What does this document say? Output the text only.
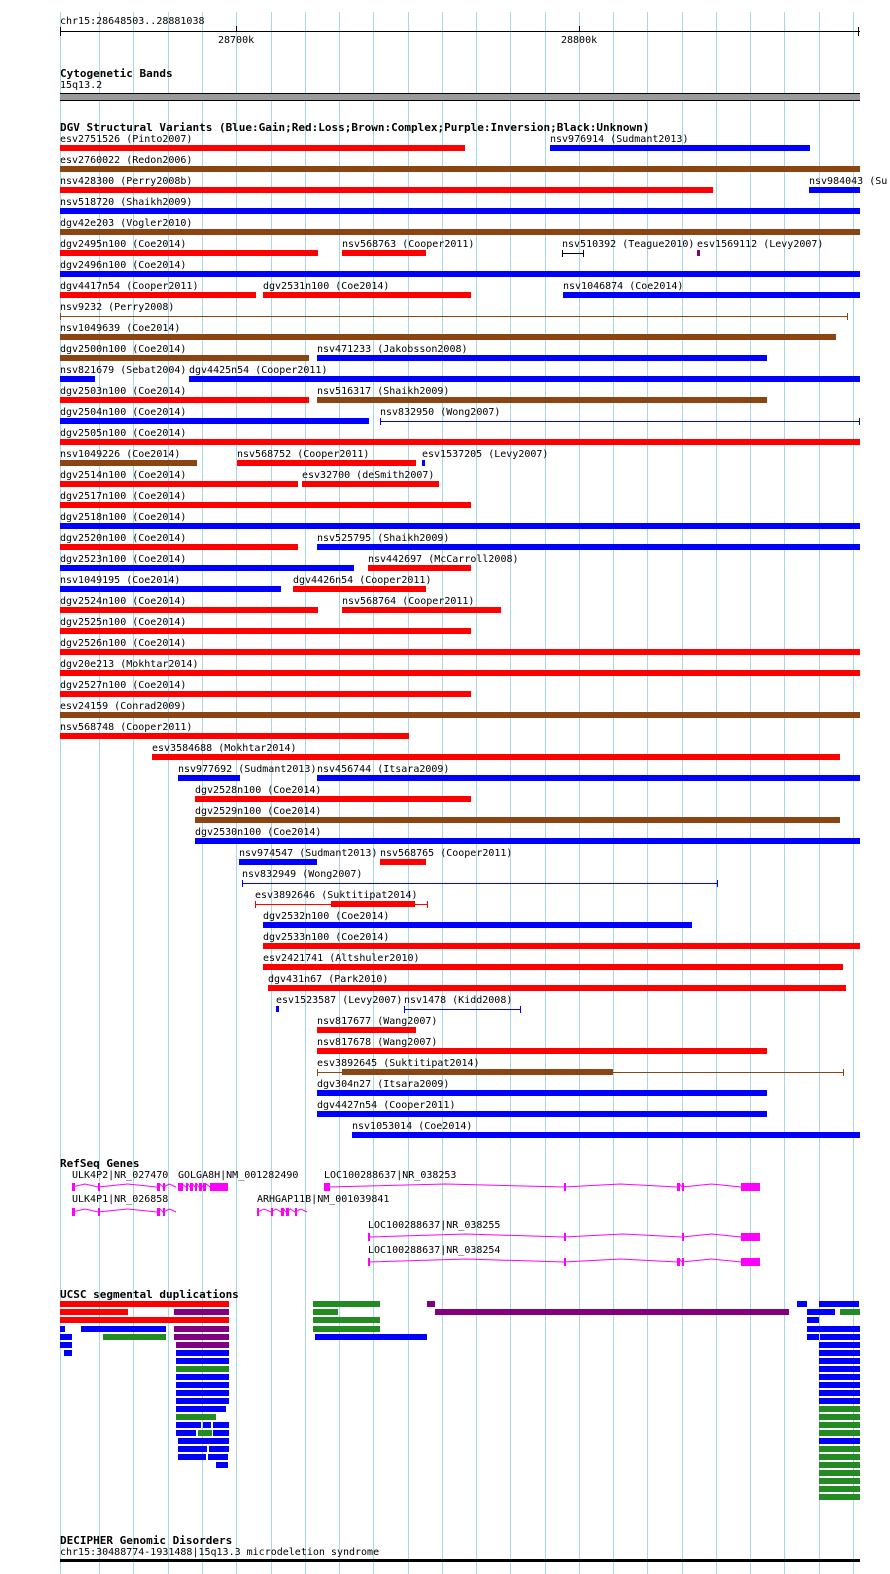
chr15:28648503..28881038
28700k	28800k
Cytogenetic Bands
15q13.2
DGV Structural Variants (Blue:Gain;Red:Loss;Brown:Complex;Purple:Inversion;Black:Unknown)
esv2751526 (Pinto2007)	nsv976914 (Sudmant2013)
esv2760022 (Redon2006)
nsv428300 (Perry2008b)	nsv984043 (Su
nsv518720 (Shaikh2009)
dgv42e203 (Vogler2010)
dgv2495n100 (Coe2014)	nsv568763 (Cooper2011)	nsv510392 (Teague2010) esv1569112 (Levy2007)
dgv2496n100 (Coe2014)
dgv4417n54 (Cooper2011)	dgv2531n100 (Coe2014)	nsv1046874 (Coe2014)
nsv9232 (Perry2008)
nsv1049639 (Coe2014)
dgv2500n100 (Coe2014)	nsv471233 (Jakobsson2008)
nsv821679 (Sebat2004) dgv4425n54 (Cooper2011)
dgv2503n100 (Coe2014)	nsv516317 (Shaikh2009)
dgv2504n100 (Coe2014)	nsv832950 (Wong2007)
dgv2505n100 (Coe2014)
nsv1049226 (Coe2014)	nsv568752 (Cooper2011)	esv1537205 (Levy2007)
dgv2514n100 (Coe2014)	esv32700 (deSmith2007)
dgv2517n100 (Coe2014)
dgv2518n100 (Coe2014)
dgv2520n100 (Coe2014)	nsv525795 (Shaikh2009)
dgv2523n100 (Coe2014)	nsv442697 (McCarroll2008)
nsv1049195 (Coe2014)	dgv4426n54 (Cooper2011)
dgv2524n100 (Coe2014)	nsv568764 (Cooper2011)
dgv2525n100 (Coe2014)
dgv2526n100 (Coe2014)
dgv20e213 (Mokhtar2014)
dgv2527n100 (Coe2014)
esv24159 (Conrad2009)
nsv568748 (Cooper2011)
esv3584688 (Mokhtar2014)
nsv977692 (Sudmant2013) nsv456744 (Itsara2009)
dgv2528n100 (Coe2014)
dgv2529n100 (Coe2014)
dgv2530n100 (Coe2014)
nsv974547 (Sudmant2013) nsv568765 (Cooper2011)
nsv832949 (Wong2007)
esv3892646 (Suktitipat2014)
dgv2532n100 (Coe2014)
dgv2533n100 (Coe2014)
esv2421741 (Altshuler2010)
dgv431n67 (Park2010)
esv1523587 (Levy2007) nsv1478 (Kidd2008)
nsv817677 (Wang2007)
nsv817678 (Wang2007)
esv3892645 (Suktitipat2014)
dgv304n27 (Itsara2009)
dgv4427n54 (Cooper2011)
nsv1053014 (Coe2014)
RefSeq Genes
ULK4P2|NR_027470 GOLGA8H|NM_001282490	LOC100288637|NR_038253
ULK4P1|NR_026858	ARHGAP11B|NM_001039841
LOC100288637|NR_038255
LOC100288637|NR_038254
UCSC segmental duplications
DECIPHER Genomic Disorders
chr15:30488774-1931488|15q13.3 microdeletion syndrome
